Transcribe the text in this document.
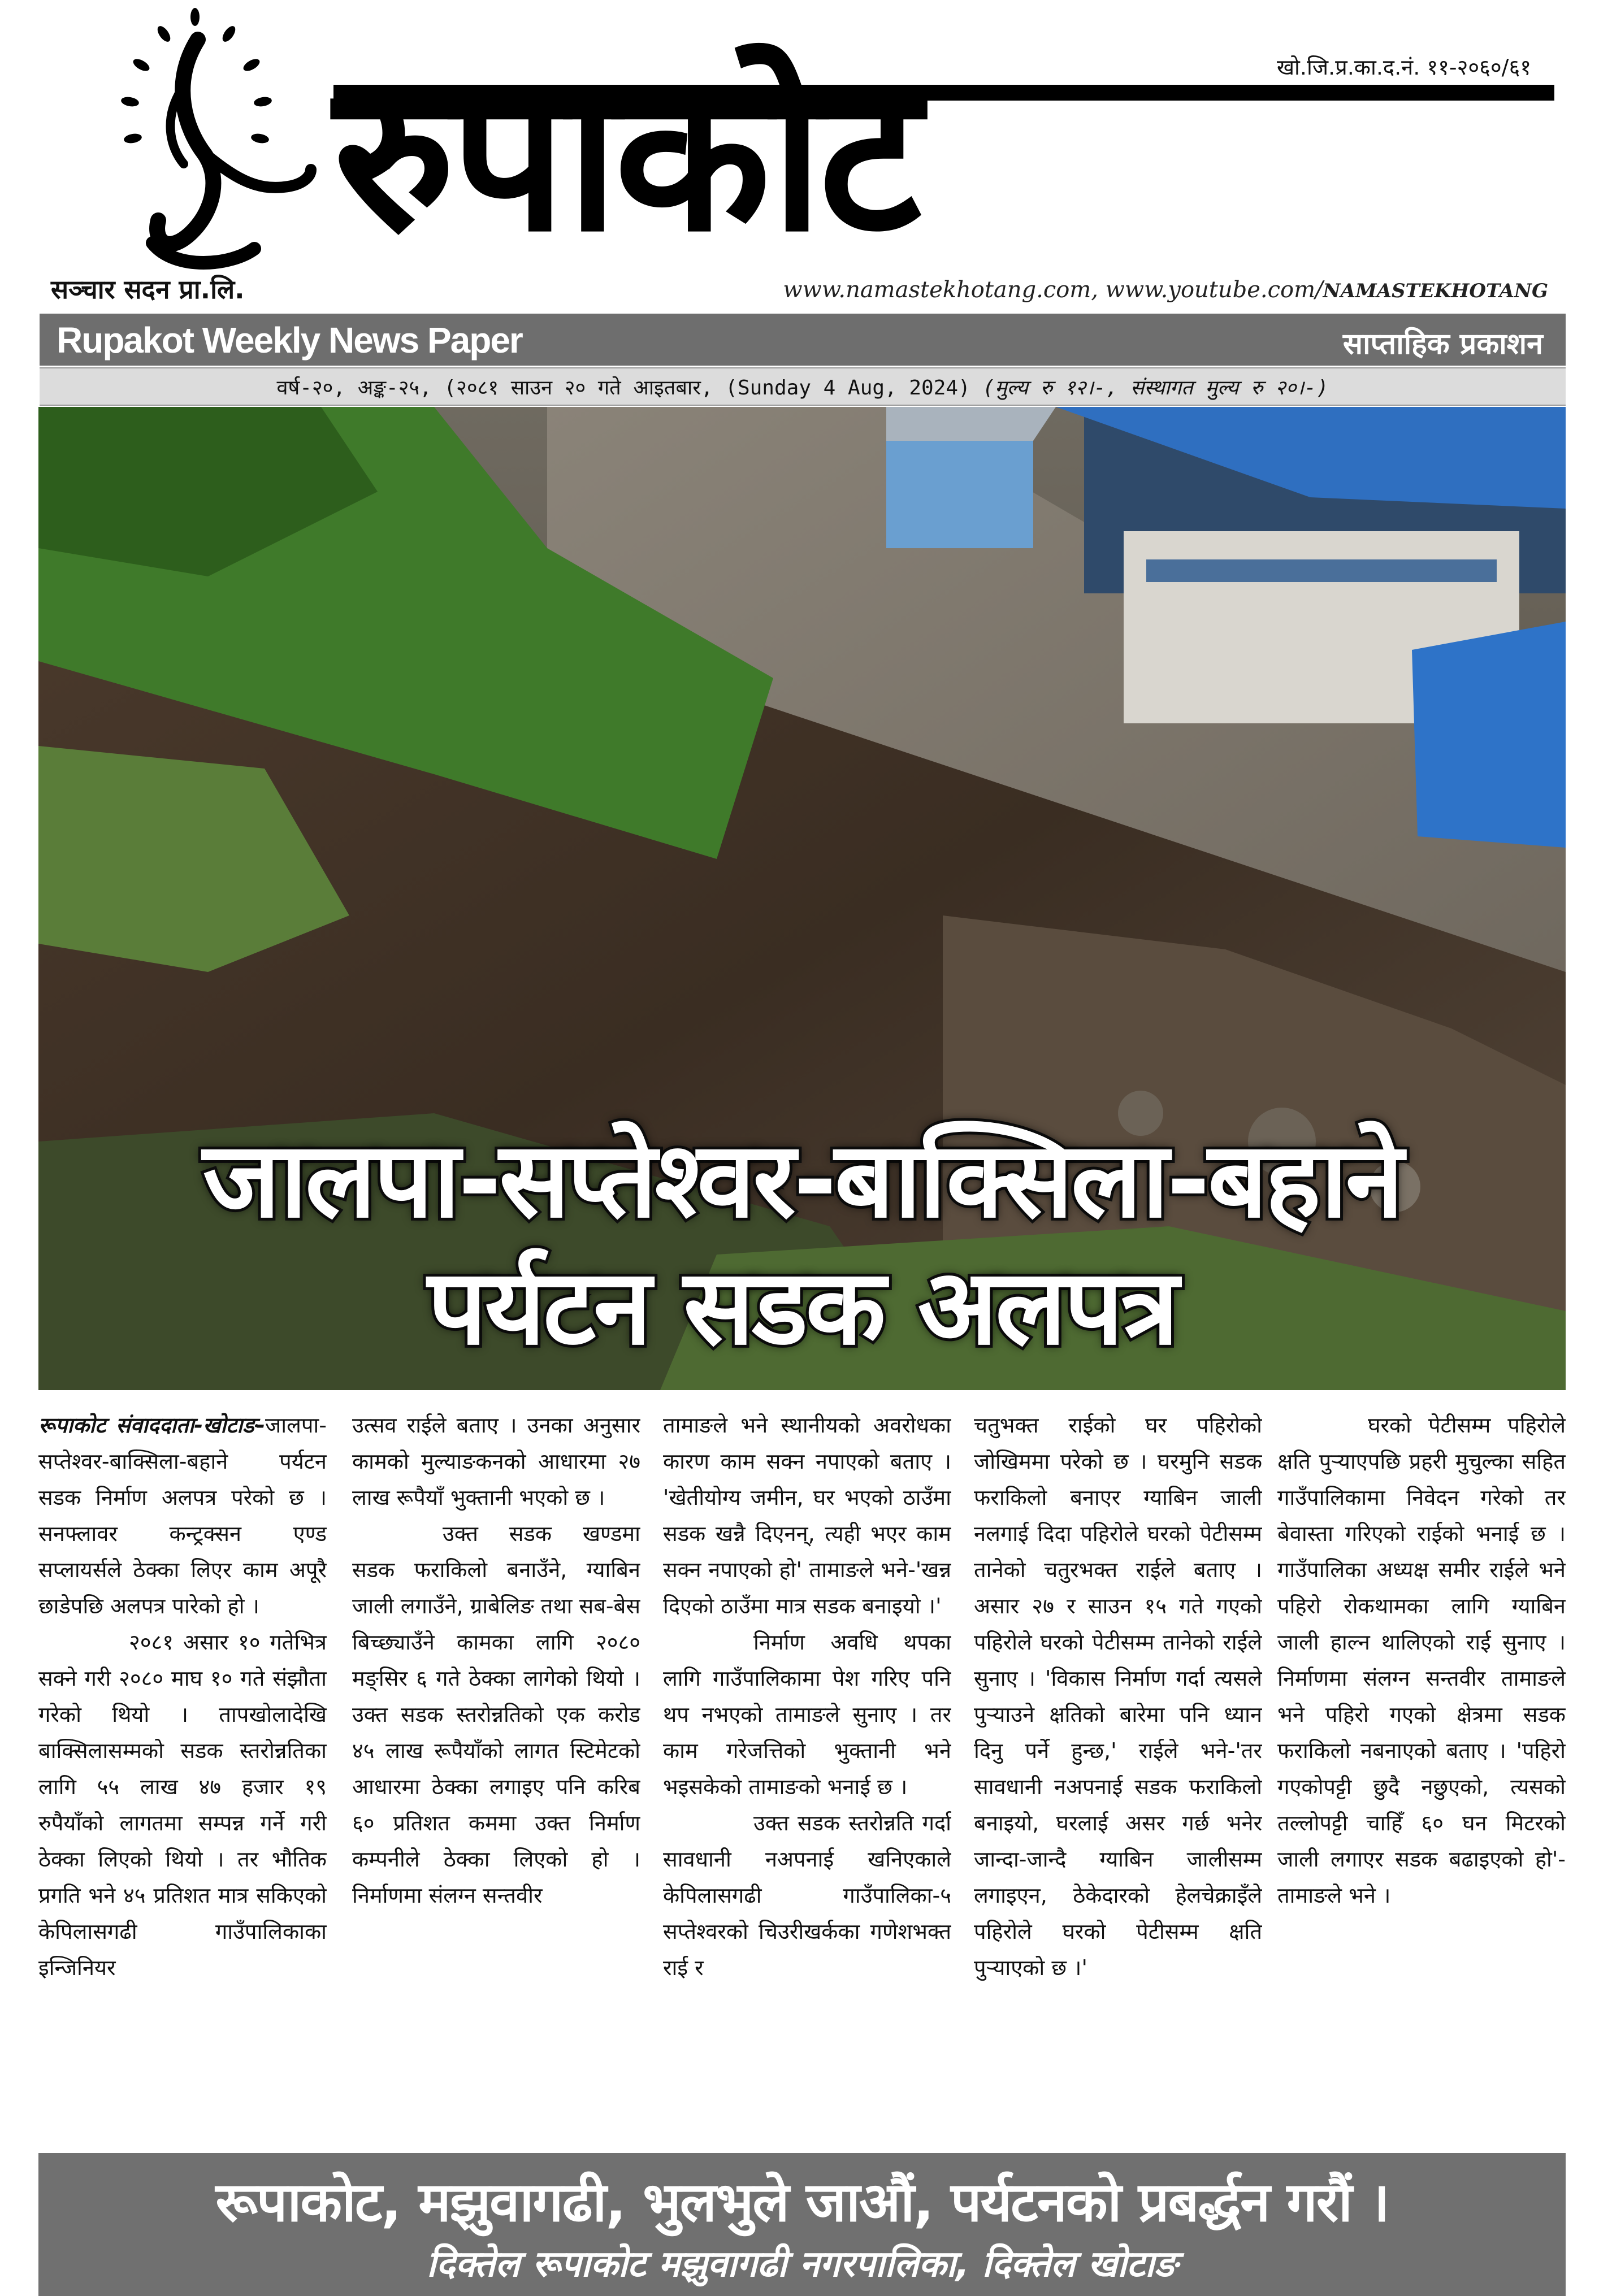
सञ्चार सदन प्रा.लि.
रुपाकोट	खो.जि.प्र.का.द.नं. ११-२०६०/६१
www.namastekhotang.com, www.youtube.com/NAMASTEKHOTANG
Rupakot Weekly News Paper	साप्ताहिक प्रकाशन
वर्ष-२०, अङ्क-२५, (२०८१ साउन २० गते आइतबार, (Sunday 4 Aug, 2024) (मुल्य रु १२।-, संस्थागत मुल्य रु २०।-)
जालपा-सप्तेश्वर-बाक्सिला-बहाने
पर्यटन सडक अलपत्र

रूपाकोट संवाददाता-खोटाङ-जालपा-सप्तेश्वर-बाक्सिला-बहाने पर्यटन सडक निर्माण अलपत्र परेको छ । सनफ्लावर कन्ट्रक्सन एण्ड सप्लायर्सले ठेक्का लिएर काम अपूरै छाडेपछि अलपत्र पारेको हो ।

२०८१ असार १० गतेभित्र सक्ने गरी २०८० माघ १० गते संझौता गरेको थियो । तापखोलादेखि बाक्सिलासम्मको सडक स्तरोन्नतिका लागि ५५ लाख ४७ हजार १९ रुपैयाँको लागतमा सम्पन्न गर्ने गरी ठेक्का लिएको थियो । तर भौतिक प्रगति भने ४५ प्रतिशत मात्र सकिएको केपिलासगढी गाउँपालिकाका इन्जिनियर

उत्सव राईले बताए । उनका अनुसार कामको मुल्याङकनको आधारमा २७ लाख रूपैयाँ भुक्तानी भएको छ ।

उक्त सडक खण्डमा सडक फराकिलो बनाउँने, ग्याबिन जाली लगाउँने, ग्राबेलिङ तथा सब-बेस बिच्छ्याउँने कामका लागि २०८० मङ्सिर ६ गते ठेक्का लागेको थियो । उक्त सडक स्तरोन्नतिको एक करोड ४५ लाख रूपैयाँको लागत स्टिमेटको आधारमा ठेक्का लगाइए पनि करिब ६० प्रतिशत कममा उक्त निर्माण कम्पनीले ठेक्का लिएको हो । निर्माणमा संलग्न सन्तवीर

तामाङले भने स्थानीयको अवरोधका कारण काम सक्न नपाएको बताए । 'खेतीयोग्य जमीन, घर भएको ठाउँमा सडक खन्नै दिएनन्, त्यही भएर काम सक्न नपाएको हो' तामाङले भने-'खन्न दिएको ठाउँमा मात्र सडक बनाइयो ।'

निर्माण अवधि थपका लागि गाउँपालिकामा पेश गरिए पनि थप नभएको तामाङले सुनाए । तर काम गरेजत्तिको भुक्तानी भने भइसकेको तामाङको भनाई छ ।

उक्त सडक स्तरोन्नति गर्दा सावधानी नअपनाई खनिएकाले केपिलासगढी गाउँपालिका-५ सप्तेश्वरको चिउरीखर्कका गणेशभक्त राई र

चतुभक्त राईको घर पहिरोको जोखिममा परेको छ । घरमुनि सडक फराकिलो बनाएर ग्याबिन जाली नलगाई दिदा पहिरोले घरको पेटीसम्म तानेको चतुरभक्त राईले बताए । असार २७ र साउन १५ गते गएको पहिरोले घरको पेटीसम्म तानेको राईले सुनाए । 'विकास निर्माण गर्दा त्यसले पुऱ्याउने क्षतिको बारेमा पनि ध्यान दिनु पर्ने हुन्छ,' राईले भने-'तर सावधानी नअपनाई सडक फराकिलो बनाइयो, घरलाई असर गर्छ भनेर जान्दा-जान्दै ग्याबिन जालीसम्म लगाइएन, ठेकेदारको हेलचेक्राइँले पहिरोले घरको पेटीसम्म क्षति पुऱ्याएको छ ।'

घरको पेटीसम्म पहिरोले क्षति पुऱ्याएपछि प्रहरी मुचुल्का सहित गाउँपालिकामा निवेदन गरेको तर बेवास्ता गरिएको राईको भनाई छ । गाउँपालिका अध्यक्ष समीर राईले भने पहिरो रोकथामका लागि ग्याबिन जाली हाल्न थालिएको राई सुनाए । निर्माणमा संलग्न सन्तवीर तामाङले भने पहिरो गएको क्षेत्रमा सडक फराकिलो नबनाएको बताए । 'पहिरो गएकोपट्टी छुदै नछुएको, त्यसको तल्लोपट्टी चाहिँ ६० घन मिटरको जाली लगाएर सडक बढाइएको हो'-तामाङले भने ।

रूपाकोट, मझुवागढी, भुलभुले जाऔं, पर्यटनको प्रबर्द्धन गरौं ।
दिक्तेल रूपाकोट मझुवागढी नगरपालिका, दिक्तेल खोटाङ
